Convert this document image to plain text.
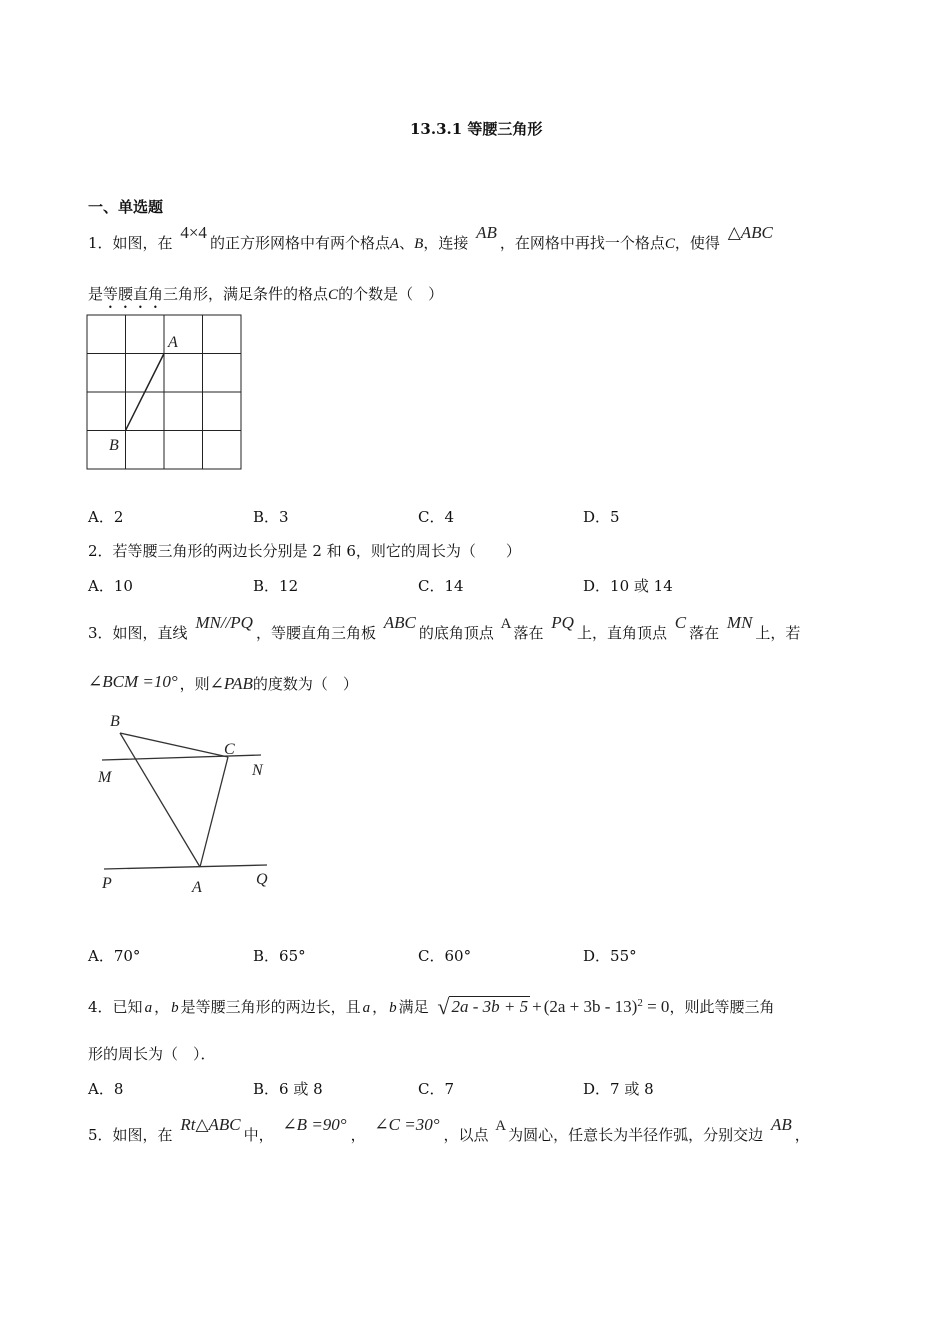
13.3.1 等腰三角形
一、单选题
1．如图，在 4×4的正方形网格中有两个格点A、B，连接 AB，在网格中再找一个格点C，使得 △ABC
是等腰直角三角形，满足条件的格点C的个数是（　）
A
B
A．2	B．3	C．4	D．5
2．若等腰三角形的两边长分别是 2 和 6，则它的周长为（　　）
A．10	B．12	C．14	D．10 或 14
3．如图，直线 MN//PQ，等腰直角三角板 ABC的底角顶点 A 落在 PQ上，直角顶点 C落在 MN上，若
∠BCM =10° ，则∠PAB的度数为（　）
B
C
M	N
P	A	Q
A．70°	B．65°	C．60°	D．55°
4．已知 a ， b 是等腰三角形的两边长，且 a ， b 满足 √ $2a - 3b + 5 + (2a + 3b - 13)^2 = 0$，则此等腰三角
形的周长为（　）．
A．8	B．6 或 8	C．7	D．7 或 8
5．如图，在 Rt△ABC中， ∠B =90°， ∠C =30°，以点 A 为圆心，任意长为半径作弧，分别交边 AB，
